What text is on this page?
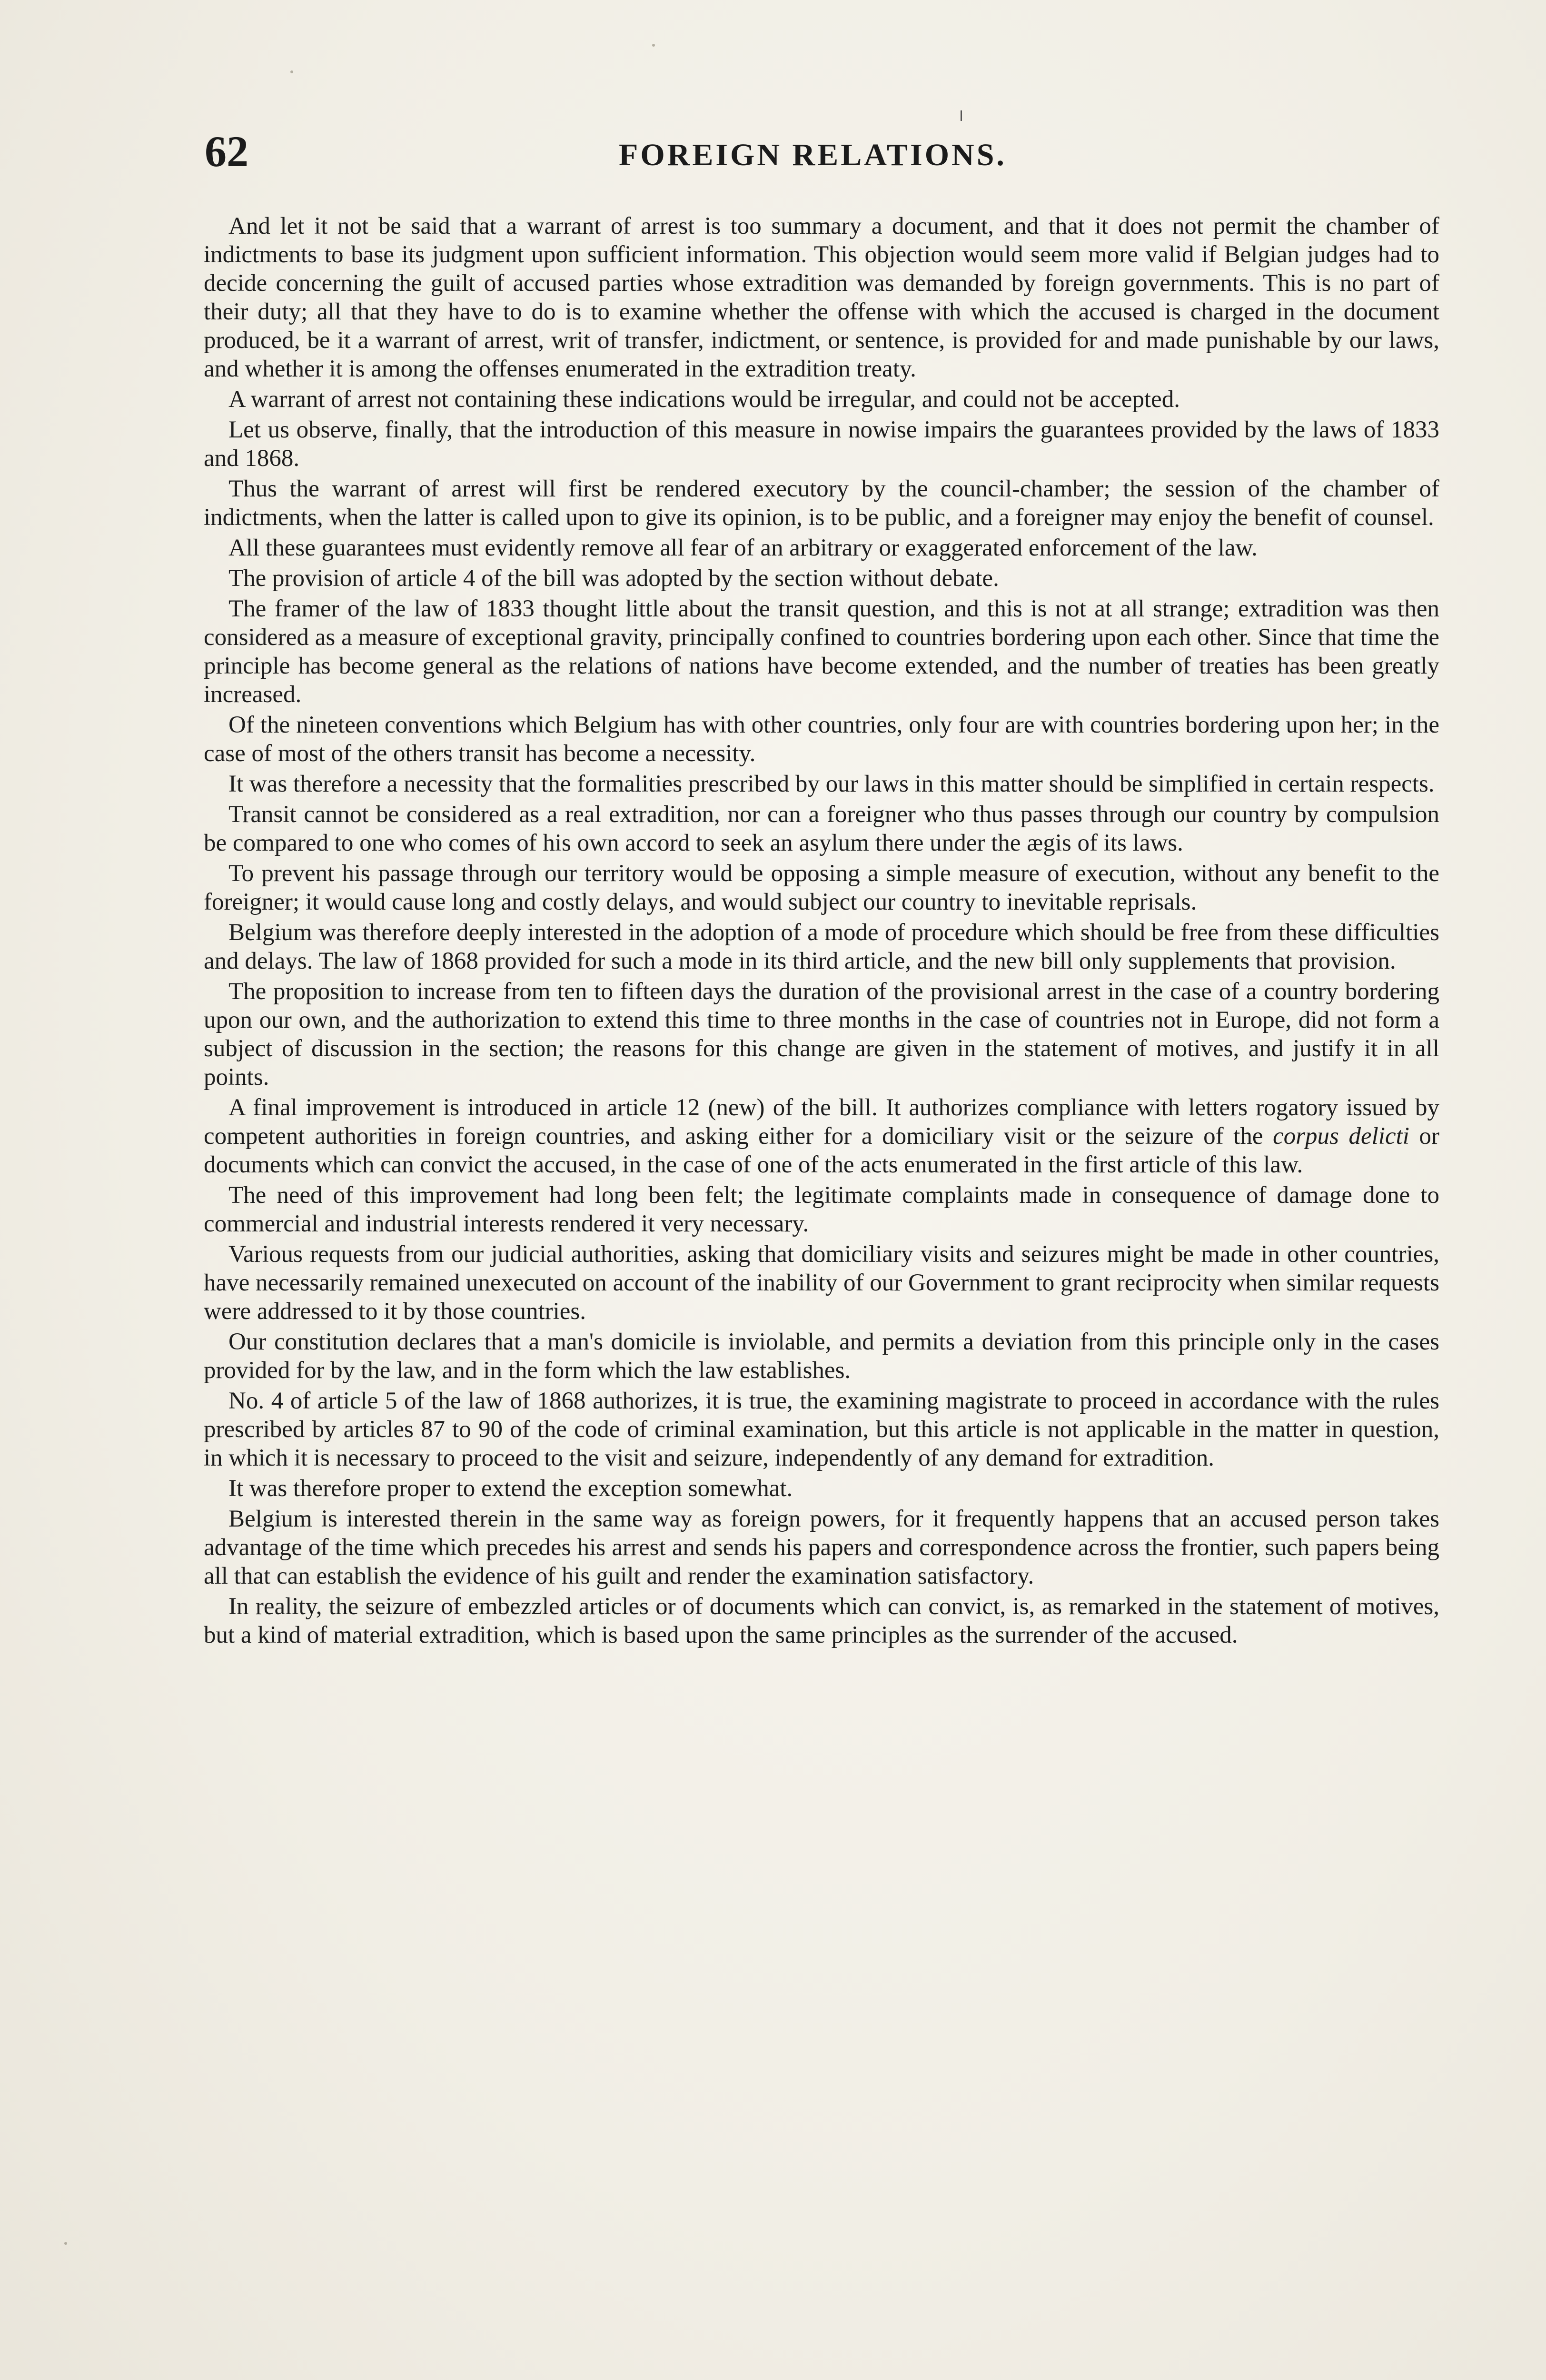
62	FOREIGN RELATIONS.

And let it not be said that a warrant of arrest is too summary a document, and that it does not permit the chamber of indictments to base its judgment upon sufficient information. This objection would seem more valid if Belgian judges had to decide concerning the guilt of accused parties whose extradition was demanded by foreign governments. This is no part of their duty; all that they have to do is to examine whether the offense with which the accused is charged in the document produced, be it a warrant of arrest, writ of transfer, indictment, or sentence, is provided for and made punishable by our laws, and whether it is among the offenses enumerated in the extradition treaty.

A warrant of arrest not containing these indications would be irregular, and could not be accepted.

Let us observe, finally, that the introduction of this measure in nowise impairs the guarantees provided by the laws of 1833 and 1868.

Thus the warrant of arrest will first be rendered executory by the council-chamber; the session of the chamber of indictments, when the latter is called upon to give its opinion, is to be public, and a foreigner may enjoy the benefit of counsel.

All these guarantees must evidently remove all fear of an arbitrary or exaggerated enforcement of the law.

The provision of article 4 of the bill was adopted by the section without debate.

The framer of the law of 1833 thought little about the transit question, and this is not at all strange; extradition was then considered as a measure of exceptional gravity, principally confined to countries bordering upon each other. Since that time the principle has become general as the relations of nations have become extended, and the number of treaties has been greatly increased.

Of the nineteen conventions which Belgium has with other countries, only four are with countries bordering upon her; in the case of most of the others transit has become a necessity.

It was therefore a necessity that the formalities prescribed by our laws in this matter should be simplified in certain respects.

Transit cannot be considered as a real extradition, nor can a foreigner who thus passes through our country by compulsion be compared to one who comes of his own accord to seek an asylum there under the ægis of its laws.

To prevent his passage through our territory would be opposing a simple measure of execution, without any benefit to the foreigner; it would cause long and costly delays, and would subject our country to inevitable reprisals.

Belgium was therefore deeply interested in the adoption of a mode of procedure which should be free from these difficulties and delays. The law of 1868 provided for such a mode in its third article, and the new bill only supplements that provision.

The proposition to increase from ten to fifteen days the duration of the provisional arrest in the case of a country bordering upon our own, and the authorization to extend this time to three months in the case of countries not in Europe, did not form a subject of discussion in the section; the reasons for this change are given in the statement of motives, and justify it in all points.

A final improvement is introduced in article 12 (new) of the bill. It authorizes compliance with letters rogatory issued by competent authorities in foreign countries, and asking either for a domiciliary visit or the seizure of the corpus delicti or documents which can convict the accused, in the case of one of the acts enumerated in the first article of this law.

The need of this improvement had long been felt; the legitimate complaints made in consequence of damage done to commercial and industrial interests rendered it very necessary.

Various requests from our judicial authorities, asking that domiciliary visits and seizures might be made in other countries, have necessarily remained unexecuted on account of the inability of our Government to grant reciprocity when similar requests were addressed to it by those countries.

Our constitution declares that a man's domicile is inviolable, and permits a deviation from this principle only in the cases provided for by the law, and in the form which the law establishes.

No. 4 of article 5 of the law of 1868 authorizes, it is true, the examining magistrate to proceed in accordance with the rules prescribed by articles 87 to 90 of the code of criminal examination, but this article is not applicable in the matter in question, in which it is necessary to proceed to the visit and seizure, independently of any demand for extradition.

It was therefore proper to extend the exception somewhat.

Belgium is interested therein in the same way as foreign powers, for it frequently happens that an accused person takes advantage of the time which precedes his arrest and sends his papers and correspondence across the frontier, such papers being all that can establish the evidence of his guilt and render the examination satisfactory.

In reality, the seizure of embezzled articles or of documents which can convict, is, as remarked in the statement of motives, but a kind of material extradition, which is based upon the same principles as the surrender of the accused.
